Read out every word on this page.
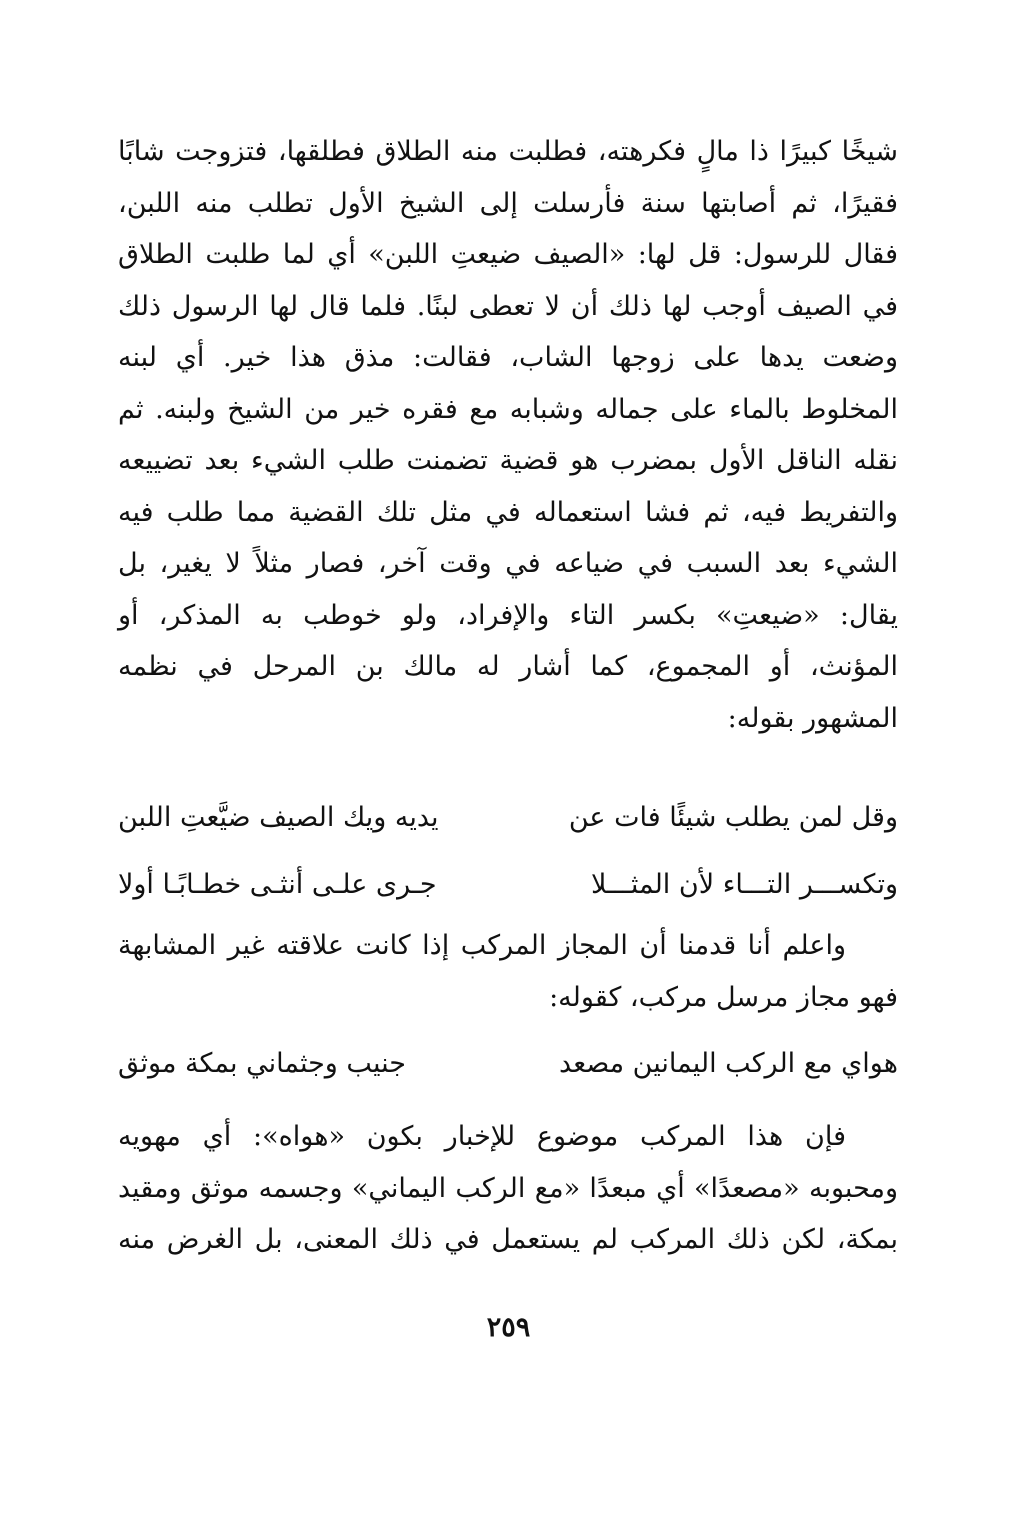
شيخًا كبيرًا ذا مالٍ فكرهته، فطلبت منه الطلاق فطلقها، فتزوجت شابًا
فقيرًا، ثم أصابتها سنة فأرسلت إلى الشيخ الأول تطلب منه اللبن،
فقال للرسول: قل لها: «الصيف ضيعتِ اللبن» أي لما طلبت الطلاق
في الصيف أوجب لها ذلك أن لا تعطى لبنًا. فلما قال لها الرسول ذلك
وضعت يدها على زوجها الشاب، فقالت: مذق هذا خير. أي لبنه
المخلوط بالماء على جماله وشبابه مع فقره خير من الشيخ ولبنه. ثم
نقله الناقل الأول بمضرب هو قضية تضمنت طلب الشيء بعد تضييعه
والتفريط فيه، ثم فشا استعماله في مثل تلك القضية مما طلب فيه
الشيء بعد السبب في ضياعه في وقت آخر، فصار مثلاً لا يغير، بل
يقال: «ضيعتِ» بكسر التاء والإفراد، ولو خوطب به المذكر، أو
المؤنث، أو المجموع، كما أشار له مالك بن المرحل في نظمه
المشهور بقوله:
وقل لمن يطلب شيئًا فات عن
يديه ويك الصيف ضيَّعتِ اللبن
وتكســـر التـــاء لأن المثـــلا
جـرى علـى أنثـى خطـابًـا أولا
واعلم أنا قدمنا أن المجاز المركب إذا كانت علاقته غير المشابهة
فهو مجاز مرسل مركب، كقوله:
هواي مع الركب اليمانين مصعد
جنيب وجثماني بمكة موثق
فإن هذا المركب موضوع للإخبار بكون «هواه»: أي مهويه
ومحبوبه «مصعدًا» أي مبعدًا «مع الركب اليماني» وجسمه موثق ومقيد
بمكة، لكن ذلك المركب لم يستعمل في ذلك المعنى، بل الغرض منه
٢٥٩
